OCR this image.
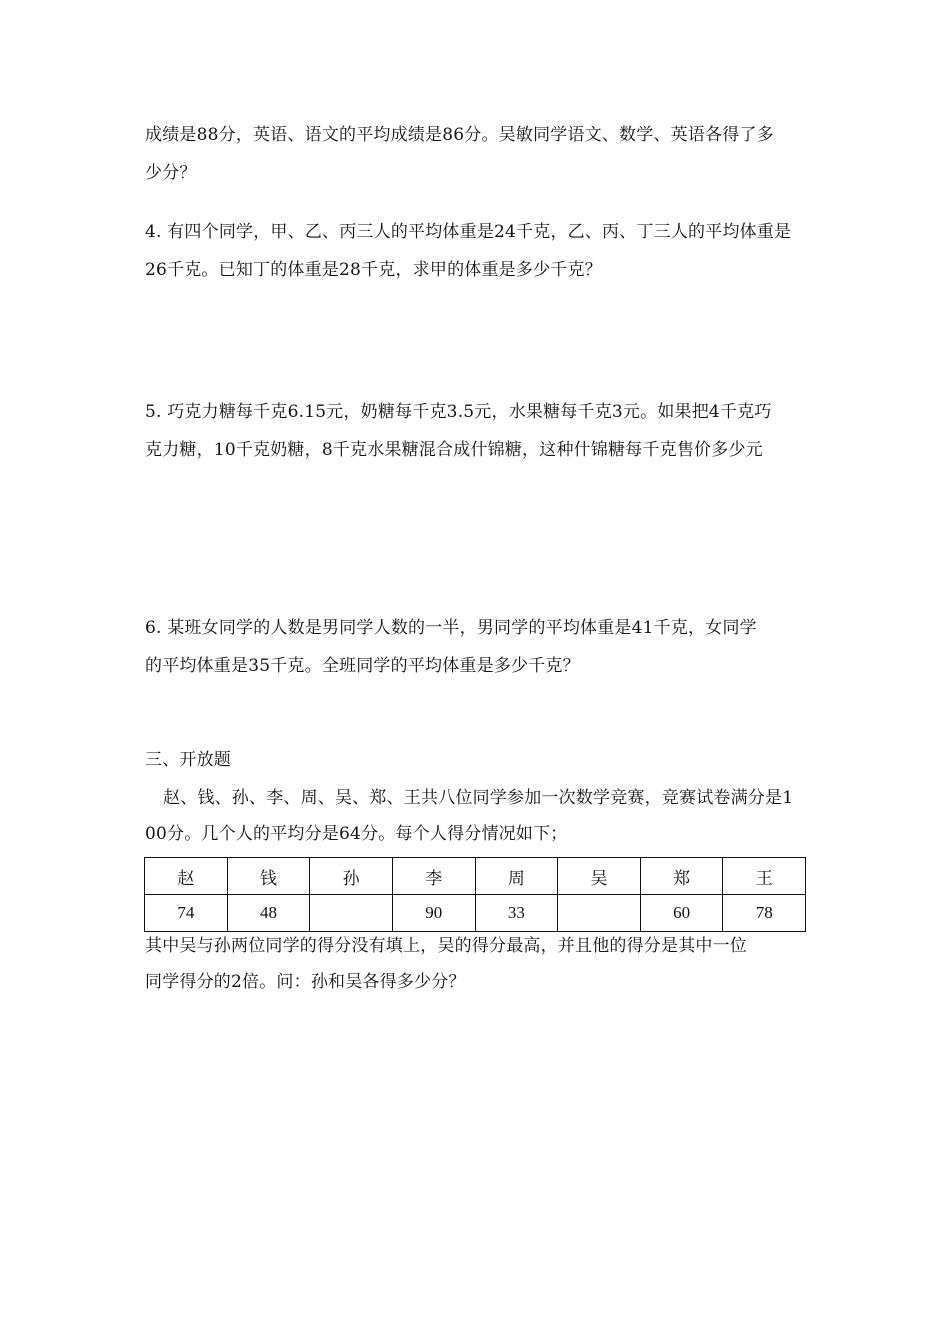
成绩是88分，英语、语文的平均成绩是86分。吴敏同学语文、数学、英语各得了多
少分？
4. 有四个同学，甲、乙、丙三人的平均体重是24千克，乙、丙、丁三人的平均体重是
26千克。已知丁的体重是28千克，求甲的体重是多少千克？
5. 巧克力糖每千克6.15元，奶糖每千克3.5元，水果糖每千克3元。如果把4千克巧
克力糖，10千克奶糖，8千克水果糖混合成什锦糖，这种什锦糖每千克售价多少元
6. 某班女同学的人数是男同学人数的一半，男同学的平均体重是41千克，女同学
的平均体重是35千克。全班同学的平均体重是多少千克？
三、开放题
赵、钱、孙、李、周、吴、郑、王共八位同学参加一次数学竞赛，竞赛试卷满分是1
00分。几个人的平均分是64分。每个人得分情况如下；
赵	钱	孙	李	周	吴	郑	王
74	48		90	33		60	78
其中吴与孙两位同学的得分没有填上，吴的得分最高，并且他的得分是其中一位
同学得分的2倍。问：孙和吴各得多少分？
